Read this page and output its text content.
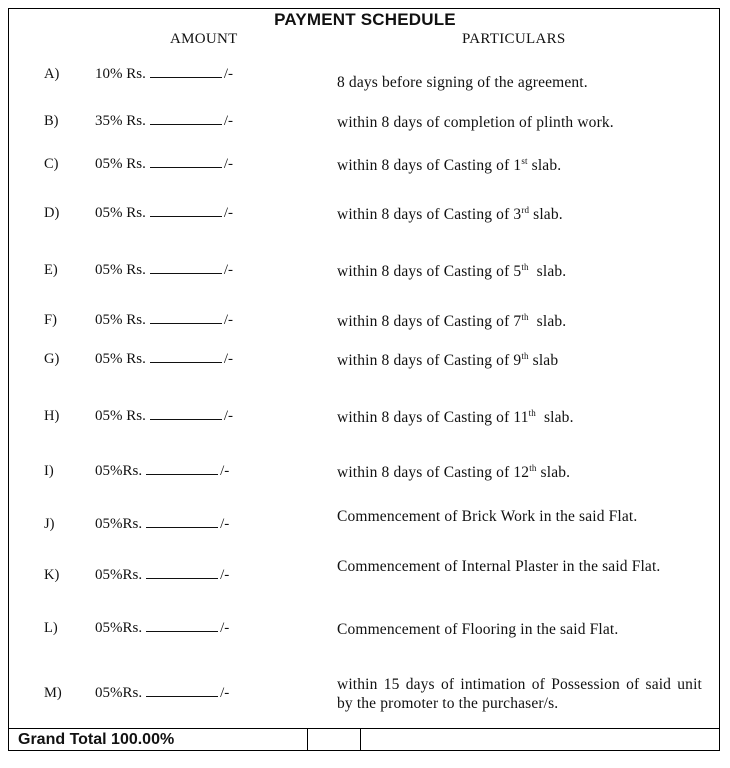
PAYMENT SCHEDULE
AMOUNT	PARTICULARS
A) 10% Rs.	/-	8 days before signing of the agreement.
B) 35% Rs.	/-	within 8 days of completion of plinth work.
C) 05% Rs.	/-	within 8 days of Casting of 1st slab.
D) 05% Rs.	/-	within 8 days of Casting of 3rd slab.
E) 05% Rs.	/-	within 8 days of Casting of 5th  slab.
F)	05% Rs.	/-	within 8 days of Casting of 7th  slab.
G) 05% Rs.	/-	within 8 days of Casting of 9th slab
H) 05% Rs.	/-	within 8 days of Casting of 11th  slab.
I)	05%Rs.	/-	within 8 days of Casting of 12th slab.
J)	05%Rs.	/-	Commencement of Brick Work in the said Flat.
K) 05%Rs.	/-	Commencement of Internal Plaster in the said Flat.
L) 05%Rs.	/-	Commencement of Flooring in the said Flat.
M) 05%Rs.	/-	within 15 days of intimation of Possession of said unit by the promoter to the purchaser/s.
Grand Total 100.00%
